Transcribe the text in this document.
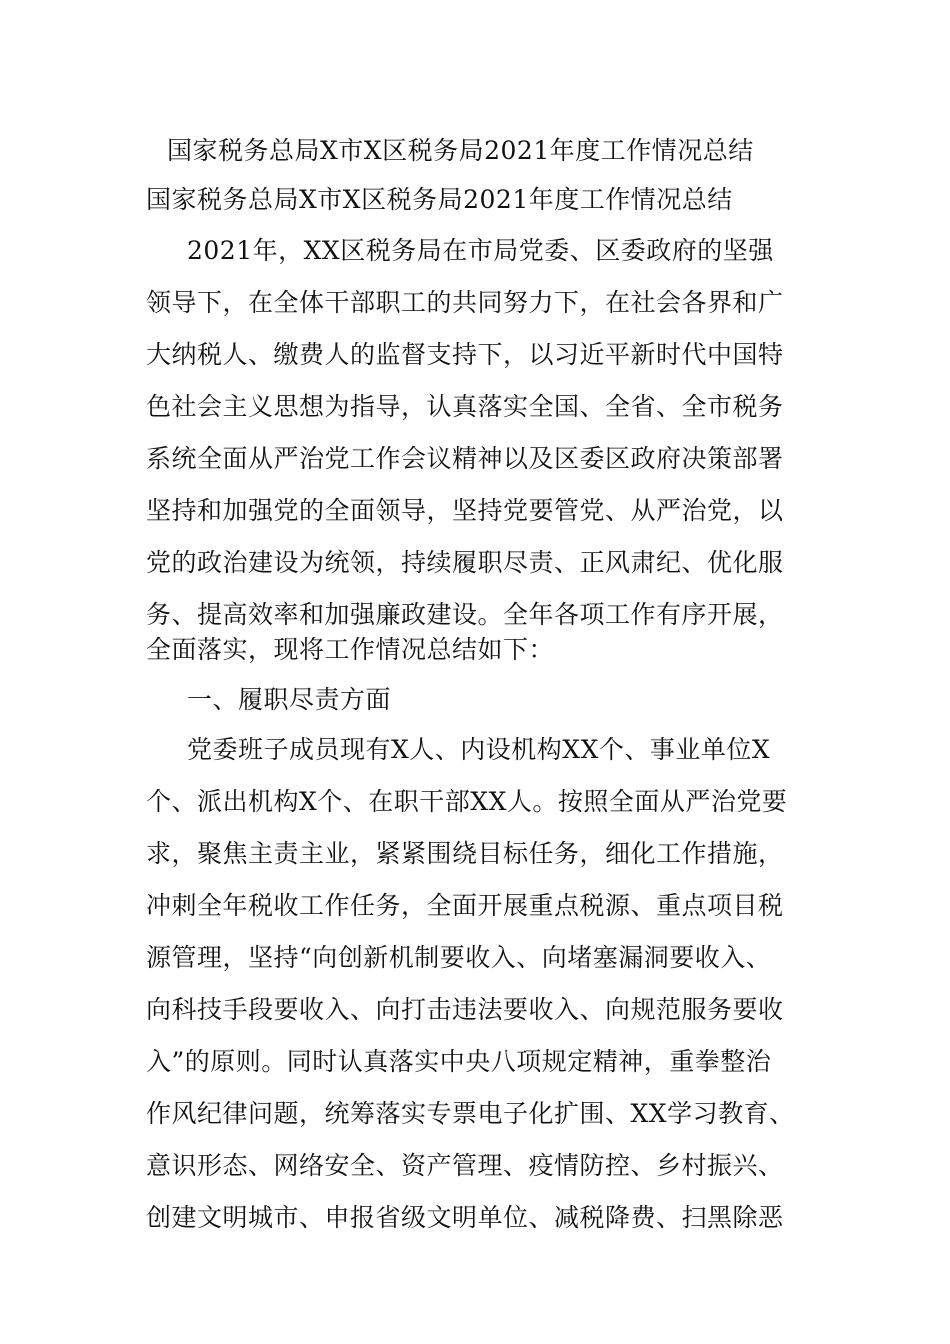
国家税务总局X市X区税务局2021年度工作情况总结
国家税务总局X市X区税务局2021年度工作情况总结
2021年，XX区税务局在市局党委、区委政府的坚强
领导下，在全体干部职工的共同努力下，在社会各界和广
大纳税人、缴费人的监督支持下，以习近平新时代中国特
色社会主义思想为指导，认真落实全国、全省、全市税务
系统全面从严治党工作会议精神以及区委区政府决策部署
坚持和加强党的全面领导，坚持党要管党、从严治党，以
党的政治建设为统领，持续履职尽责、正风肃纪、优化服
务、提高效率和加强廉政建设。全年各项工作有序开展，
全面落实，现将工作情况总结如下：
一、履职尽责方面
党委班子成员现有X人、内设机构XX个、事业单位X
个、派出机构X个、在职干部XX人。按照全面从严治党要
求，聚焦主责主业，紧紧围绕目标任务，细化工作措施，
冲刺全年税收工作任务，全面开展重点税源、重点项目税
源管理，坚持“向创新机制要收入、向堵塞漏洞要收入、
向科技手段要收入、向打击违法要收入、向规范服务要收
入”的原则。同时认真落实中央八项规定精神，重拳整治
作风纪律问题，统筹落实专票电子化扩围、XX学习教育、
意识形态、网络安全、资产管理、疫情防控、乡村振兴、
创建文明城市、申报省级文明单位、减税降费、扫黑除恶
